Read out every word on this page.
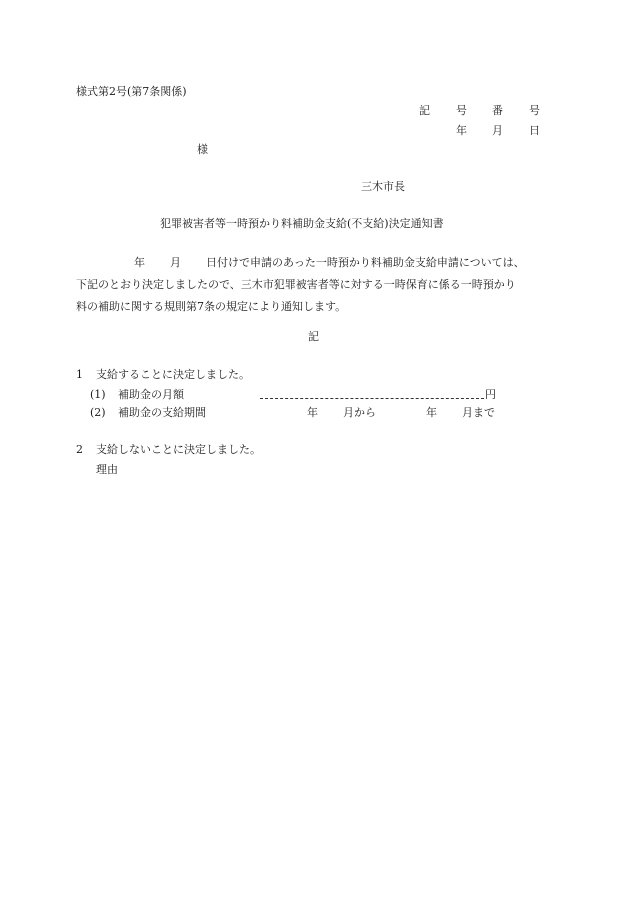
様式第2号(第7条関係)
記 号 番 号
年 月 日
様
三木市長
犯罪被害者等一時預かり料補助金支給(不支給)決定通知書
年 月 日付けで申請のあった一時預かり料補助金支給申請については、
下記のとおり決定しましたので、三木市犯罪被害者等に対する一時保育に係る一時預かり
料の補助に関する規則第7条の規定により通知します。
記
1 支給することに決定しました。
(1) 補助金の月額	円
(2) 補助金の支給期間	年 月から	年 月まで
2 支給しないことに決定しました。
理由
